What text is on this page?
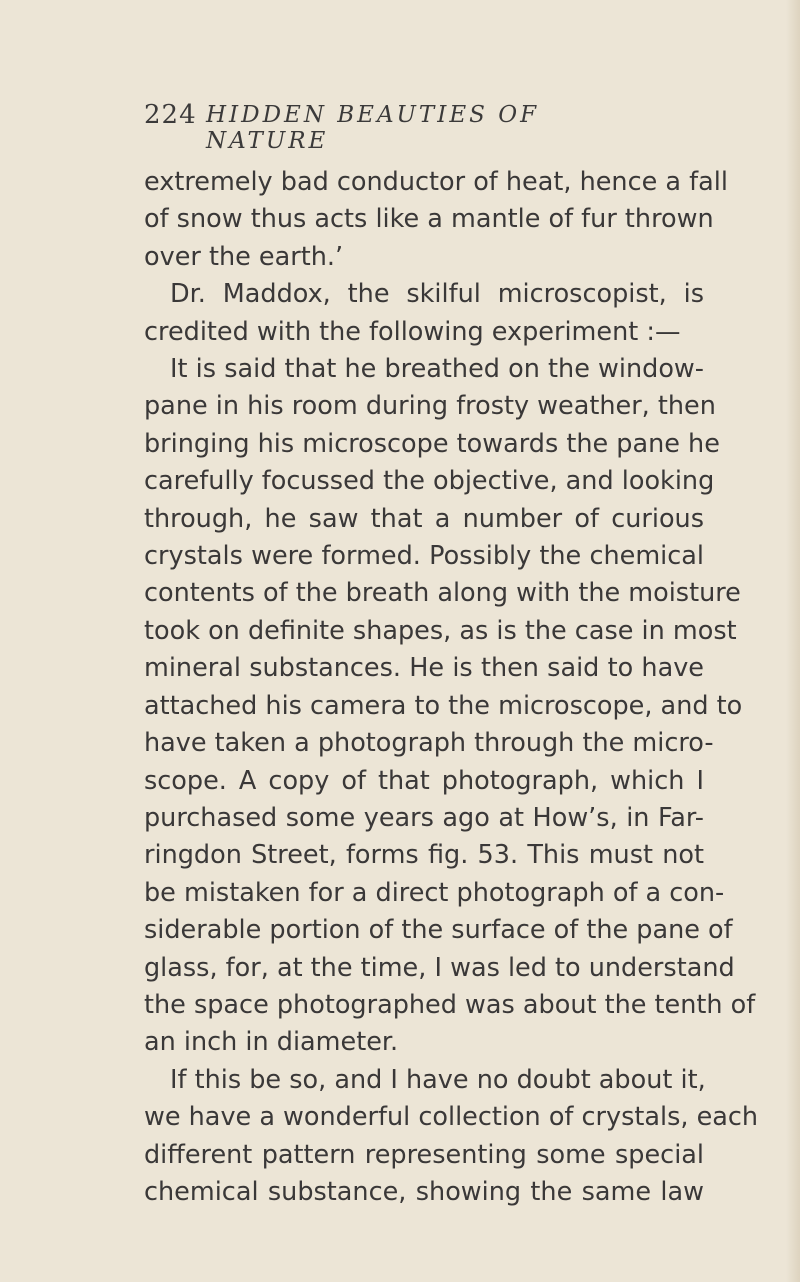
224 HIDDEN BEAUTIES OF NATURE
extremely bad conductor of heat, hence a fall
of snow thus acts like a mantle of fur thrown
over the earth.’
Dr. Maddox, the skilful microscopist, is
credited with the following experiment :—
It is said that he breathed on the window-
pane in his room during frosty weather, then
bringing his microscope towards the pane he
carefully focussed the objective, and looking
through, he saw that a number of curious
crystals were formed. Possibly the chemical
contents of the breath along with the moisture
took on definite shapes, as is the case in most
mineral substances. He is then said to have
attached his camera to the microscope, and to
have taken a photograph through the micro-
scope. A copy of that photograph, which I
purchased some years ago at How’s, in Far-
ringdon Street, forms fig. 53. This must not
be mistaken for a direct photograph of a con-
siderable portion of the surface of the pane of
glass, for, at the time, I was led to understand
the space photographed was about the tenth of
an inch in diameter.
If this be so, and I have no doubt about it,
we have a wonderful collection of crystals, each
different pattern representing some special
chemical substance, showing the same law
